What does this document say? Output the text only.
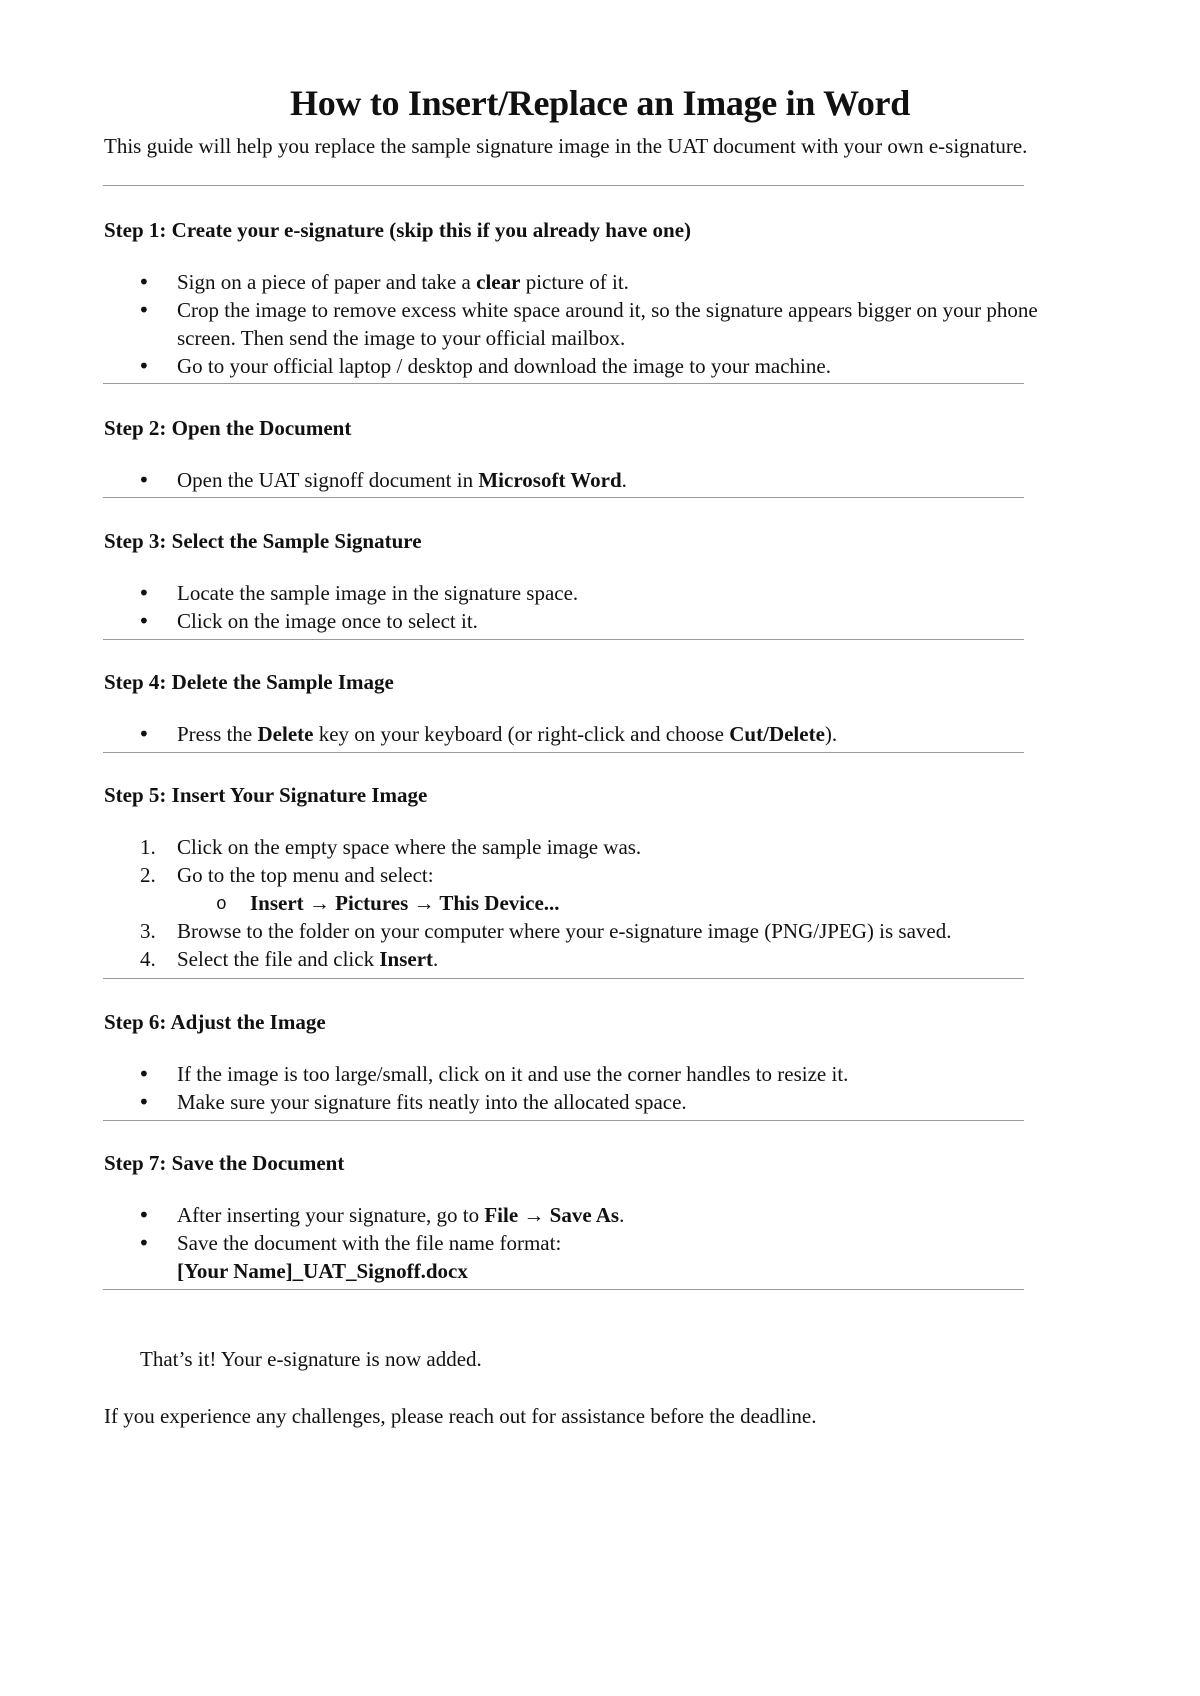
How to Insert/Replace an Image in Word

This guide will help you replace the sample signature image in the UAT document with your own e-signature.

Step 1: Create your e-signature (skip this if you already have one)

• Sign on a piece of paper and take a clear picture of it.
• Crop the image to remove excess white space around it, so the signature appears bigger on your phone screen. Then send the image to your official mailbox.
• Go to your official laptop / desktop and download the image to your machine.

Step 2: Open the Document

• Open the UAT signoff document in Microsoft Word.

Step 3: Select the Sample Signature

• Locate the sample image in the signature space.
• Click on the image once to select it.

Step 4: Delete the Sample Image

• Press the Delete key on your keyboard (or right-click and choose Cut/Delete).

Step 5: Insert Your Signature Image

1. Click on the empty space where the sample image was.
2. Go to the top menu and select:
o Insert → Pictures → This Device...
3. Browse to the folder on your computer where your e-signature image (PNG/JPEG) is saved.
4. Select the file and click Insert.

Step 6: Adjust the Image

• If the image is too large/small, click on it and use the corner handles to resize it.
• Make sure your signature fits neatly into the allocated space.

Step 7: Save the Document

• After inserting your signature, go to File → Save As.
• Save the document with the file name format:
[Your Name]_UAT_Signoff.docx

That’s it! Your e-signature is now added.

If you experience any challenges, please reach out for assistance before the deadline.
